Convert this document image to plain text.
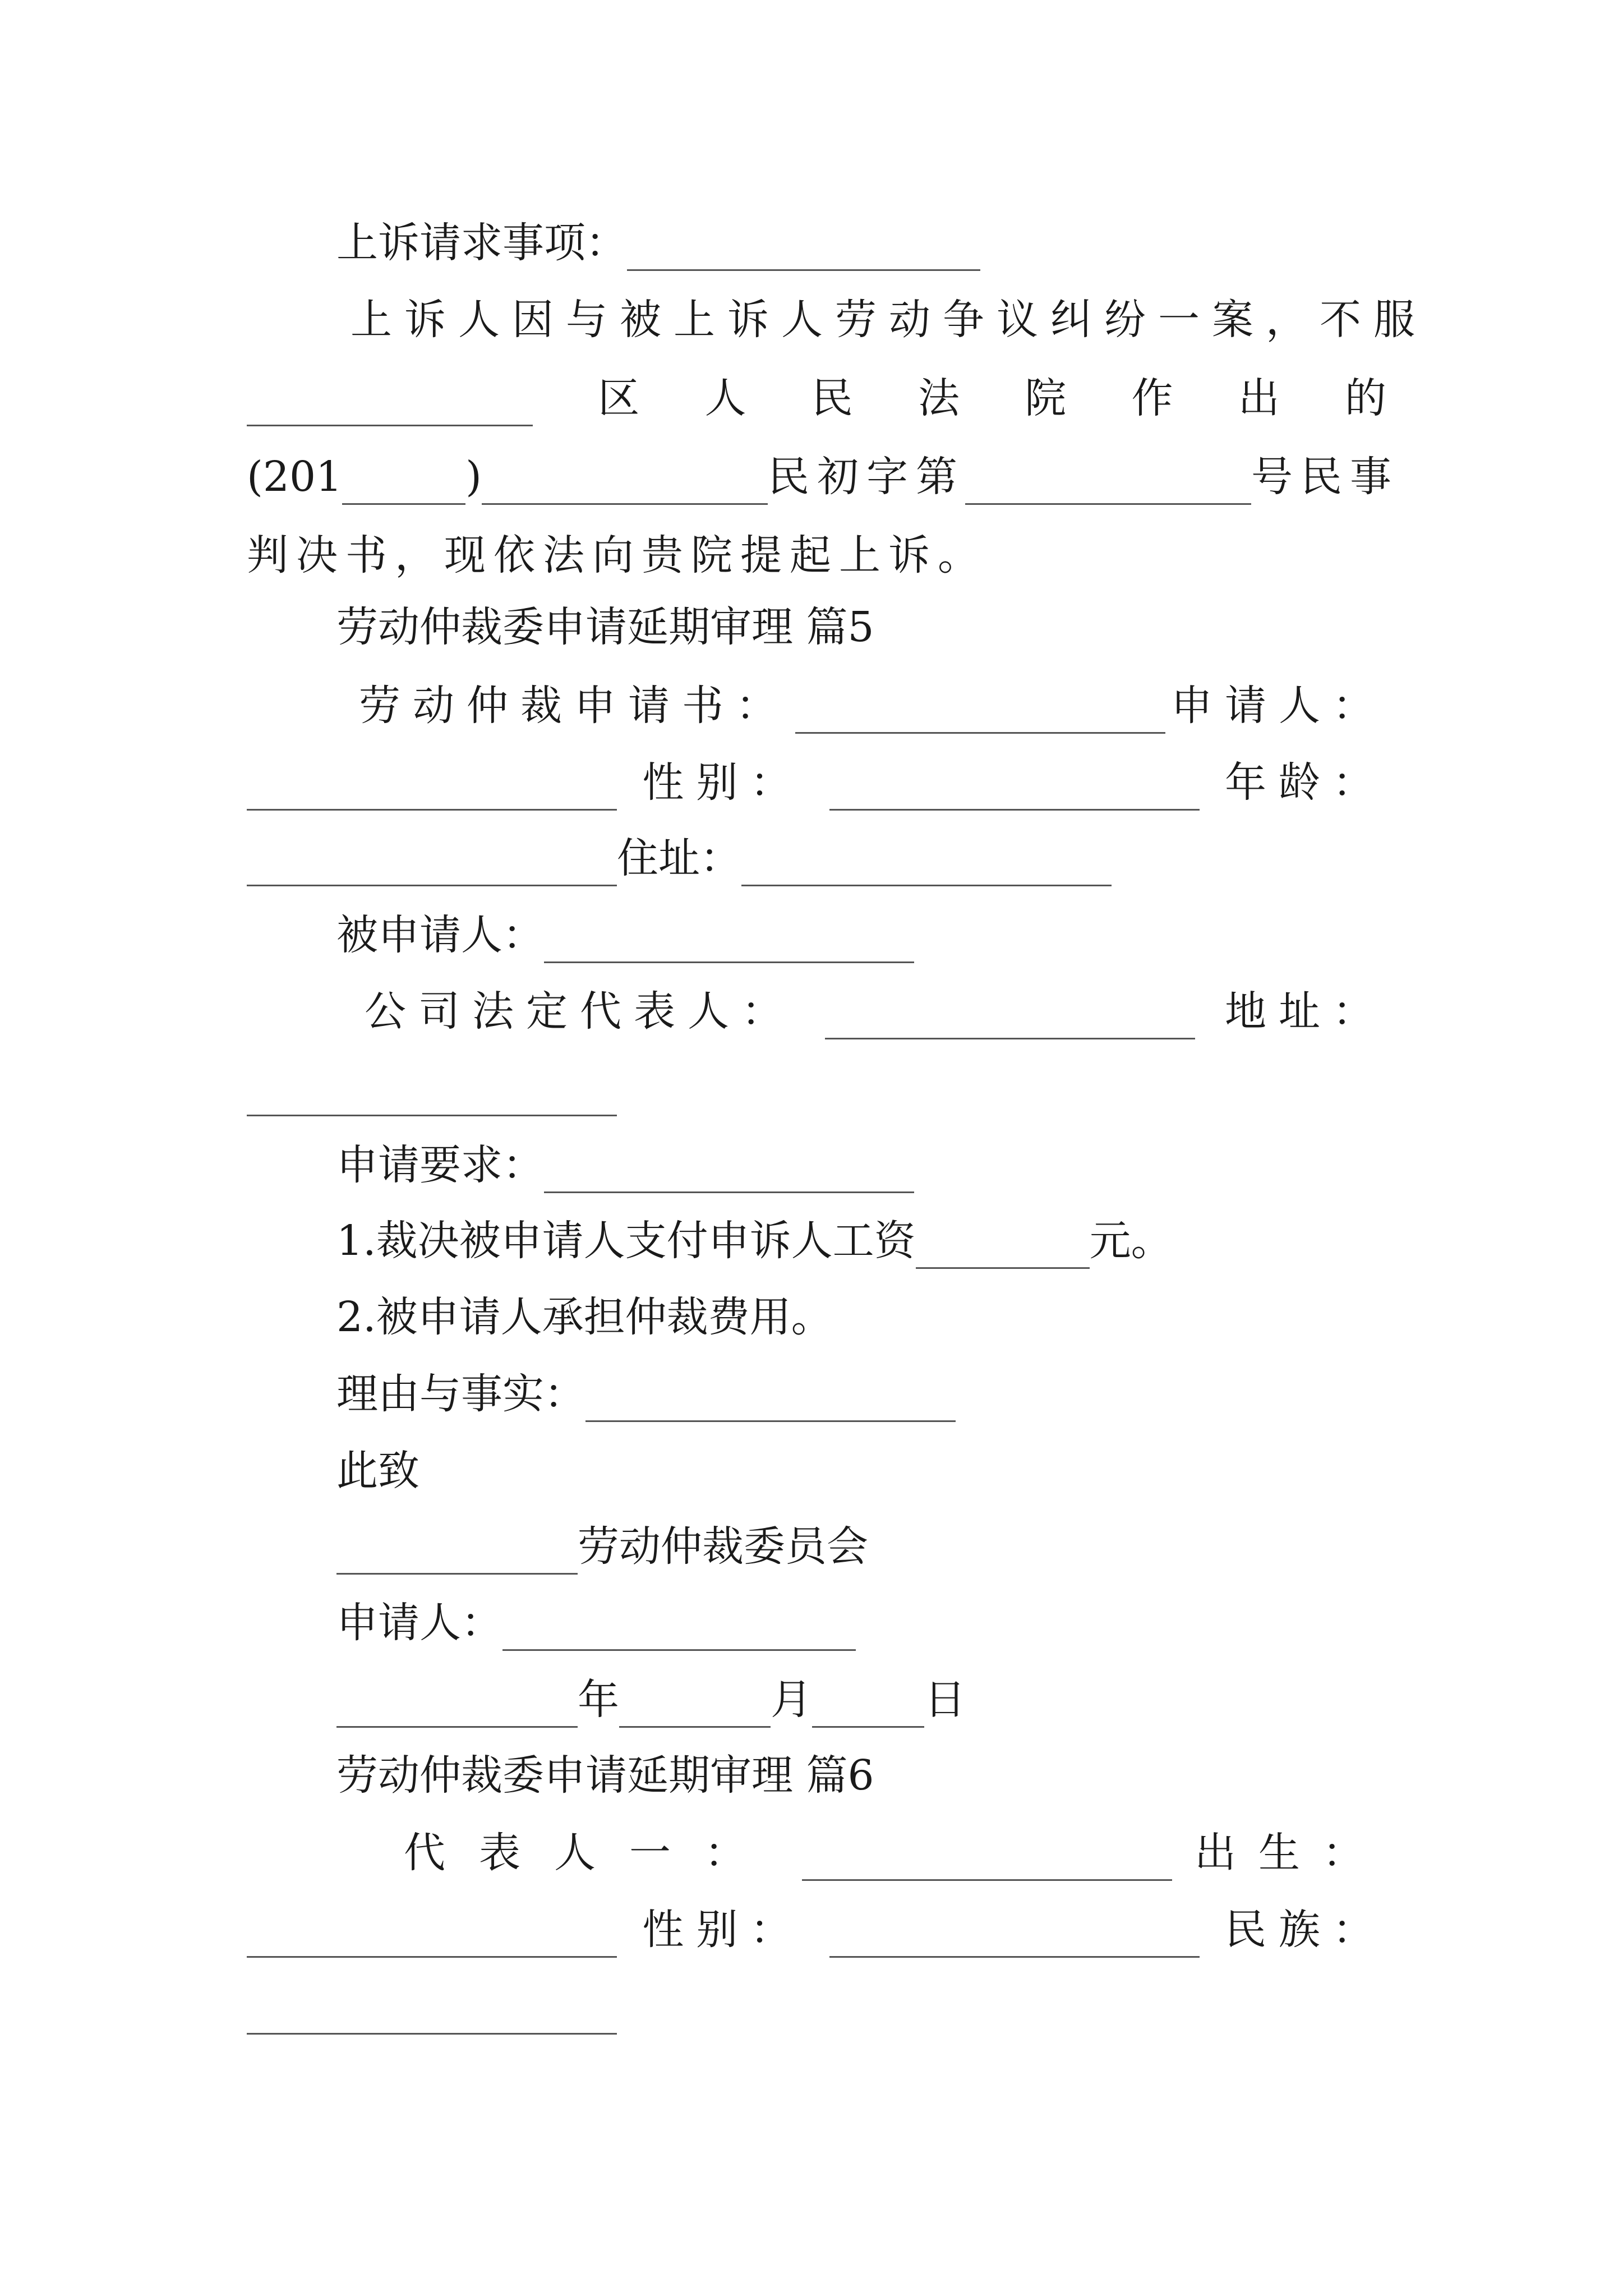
上诉请求事项：
上诉人因与被上诉人劳动争议纠纷一案，不服
区 人 民 法 院 作 出 的
(201	)	民初字第	号民事
判决书，现依法向贵院提起上诉。
劳动仲裁委申请延期审理 篇5
劳动仲裁申请书：	申请人：
性别：	年龄：
住址：
被申请人：
公司法定代表人：	地址：
申请要求：
1.裁决被申请人支付申诉人工资	元。
2.被申请人承担仲裁费用。
理由与事实：
此致
劳动仲裁委员会
申请人：
年	月	日
劳动仲裁委申请延期审理 篇6
代表人一：	出生：
性别：	民族：
